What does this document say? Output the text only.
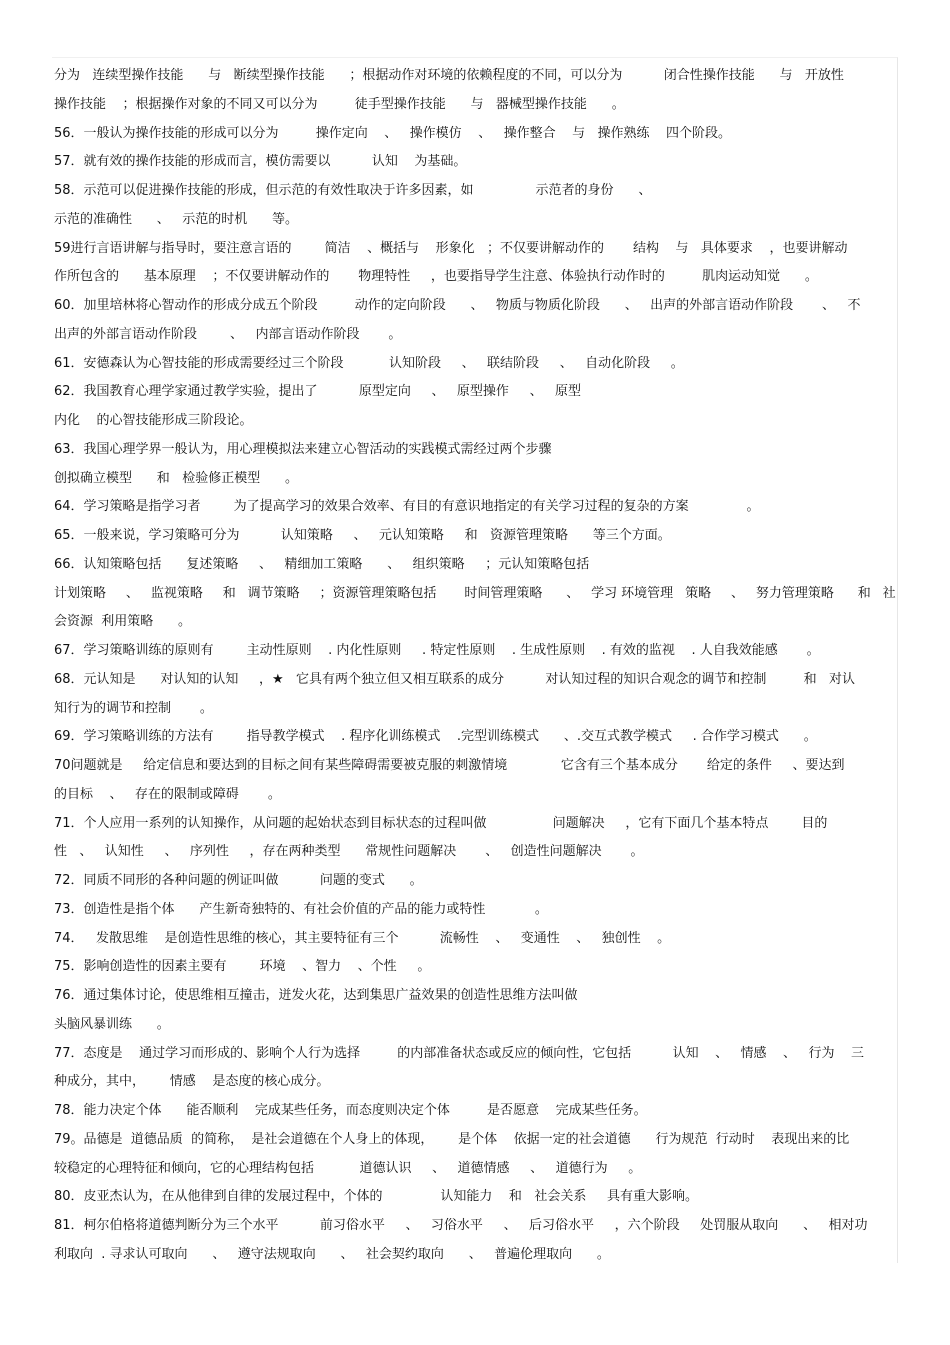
分为   连续型操作技能      与   断续型操作技能      ；根据动作对环境的依赖程度的不同，可以分为          闭合性操作技能      与   开放性
操作技能    ；根据操作对象的不同又可以分为         徒手型操作技能      与   器械型操作技能      。
56．一般认为操作技能的形成可以分为         操作定向    、   操作模仿    、   操作整合    与   操作熟练    四个阶段。
57．就有效的操作技能的形成而言，模仿需要以          认知    为基础。
58．示范可以促进操作技能的形成，但示范的有效性取决于许多因素，如               示范者的身份      、
示范的准确性      、   示范的时机      等。
59进行言语讲解与指导时，要注意言语的        简洁    、概括与    形象化   ；不仅要讲解动作的       结构    与   具体要求    ，也要讲解动
作所包含的      基本原理    ；不仅要讲解动作的       物理特性     ，也要指导学生注意、体验执行动作时的         肌肉运动知觉      。
60．加里培林将心智动作的形成分成五个阶段         动作的定向阶段      、   物质与物质化阶段      、   出声的外部言语动作阶段       、   不
出声的外部言语动作阶段        、   内部言语动作阶段       。
61．安德森认为心智技能的形成需要经过三个阶段           认知阶段     、   联结阶段     、   自动化阶段     。
62．我国教育心理学家通过教学实验，提出了          原型定向     、   原型操作     、   原型
内化    的心智技能形成三阶段论。
63．我国心理学界一般认为，用心理模拟法来建立心智活动的实践模式需经过两个步骤
创拟确立模型      和   检验修正模型      。
64．学习策略是指学习者        为了提高学习的效果合效率、有目的有意识地指定的有关学习过程的复杂的方案              。
65．一般来说，学习策略可分为          认知策略     、   元认知策略     和   资源管理策略      等三个方面。
66．认知策略包括      复述策略     、   精细加工策略      、   组织策略     ；元认知策略包括
计划策略     、   监视策略     和   调节策略     ；资源管理策略包括       时间管理策略      、   学习 环境管理   策略     、   努力管理策略      和   社
会资源  利用策略      。
67．学习策略训练的原则有        主动性原则    . 内化性原则     . 特定性原则    . 生成性原则    . 有效的监视    . 人自我效能感       。
68．元认知是      对认知的认知     ，★   它具有两个独立但又相互联系的成分          对认知过程的知识合观念的调节和控制         和   对认
知行为的调节和控制       。
69．学习策略训练的方法有        指导教学模式    . 程序化训练模式    .完型训练模式      、.交互式教学模式     . 合作学习模式      。
70问题就是     给定信息和要达到的目标之间有某些障碍需要被克服的刺激情境             它含有三个基本成分       给定的条件     、要达到
的目标    、   存在的限制或障碍       。
71．个人应用一系列的认知操作，从问题的起始状态到目标状态的过程叫做                问题解决     ，它有下面几个基本特点        目的
性   、   认知性     、   序列性     ，存在两种类型      常规性问题解决       、   创造性问题解决       。
72．同质不同形的各种问题的例证叫做          问题的变式      。
73．创造性是指个体      产生新奇独特的、有社会价值的产品的能力或特性            。
74．   发散思维    是创造性思维的核心，其主要特征有三个          流畅性    、   变通性    、   独创性    。
75．影响创造性的因素主要有        环境    、智力    、个性     。
76．通过集体讨论，使思维相互撞击，迸发火花，达到集思广益效果的创造性思维方法叫做
头脑风暴训练      。
77．态度是    通过学习而形成的、影响个人行为选择         的内部准备状态或反应的倾向性，它包括          认知    、   情感    、   行为    三
种成分，其中，      情感    是态度的核心成分。
78．能力决定个体      能否顺利    完成某些任务，而态度则决定个体         是否愿意    完成某些任务。
79。品德是  道德品质  的简称，  是社会道德在个人身上的体现，      是个体    依据一定的社会道德      行为规范  行动时    表现出来的比
较稳定的心理特征和倾向，它的心理结构包括           道德认识     、   道德情感     、   道德行为     。
80．皮亚杰认为，在从他律到自律的发展过程中，个体的              认知能力    和   社会关系     具有重大影响。
81．柯尔伯格将道德判断分为三个水平          前习俗水平     、   习俗水平     、   后习俗水平     ，六个阶段     处罚服从取向      、   相对功
利取向  . 寻求认可取向      、   遵守法规取向      、   社会契约取向      、   普遍伦理取向      。
